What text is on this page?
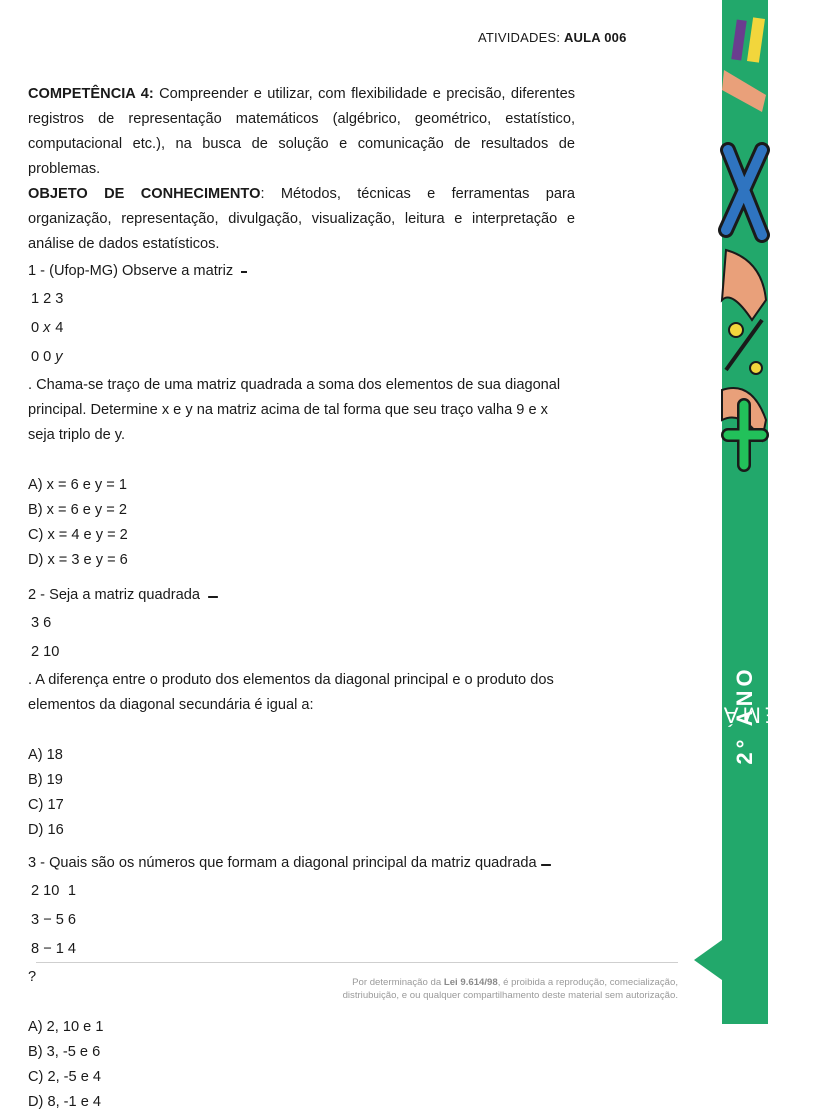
ATIVIDADES: AULA 006

COMPETÊNCIA 4: Compreender e utilizar, com flexibilidade e precisão, diferentes registros de representação matemáticos (algébrico, geométrico, estatístico, computacional etc.), na busca de solução e comunicação de resultados de problemas.

OBJETO DE CONHECIMENTO: Métodos, técnicas e ferramentas para organização, representação, divulgação, visualização, leitura e interpretação e análise de dados estatísticos.

1 - (Ufop-MG) Observe a matriz

1	2	3
0	x	4
0	0	y
. Chama-se traço de uma matriz quadrada a soma dos elementos de sua diagonal principal. Determine x e y na matriz acima de tal forma que seu traço valha 9 e x seja triplo de y.

A) x = 6 e y = 1
B) x = 6 e y = 2
C) x = 4 e y = 2
D) x = 3 e y = 6

2 - Seja a matriz quadrada

3	6
2	10
. A diferença entre o produto dos elementos da diagonal principal e o produto dos elementos da diagonal secundária é igual a:

A) 18
B) 19
C) 17
D) 16

3 - Quais são os números que formam a diagonal principal da matriz quadrada

2	10	1
3	− 5	6
8	− 1	4
?

A) 2, 10 e 1
B) 3, -5 e 6
C) 2, -5 e 4
D) 8, -1 e 4
Por determinação da Lei 9.614/98, é proibida a reprodução, comecialização,
distriubuição, e ou qualquer compartilhamento deste material sem autorização.
MATEMÁTICA
2° ANO
